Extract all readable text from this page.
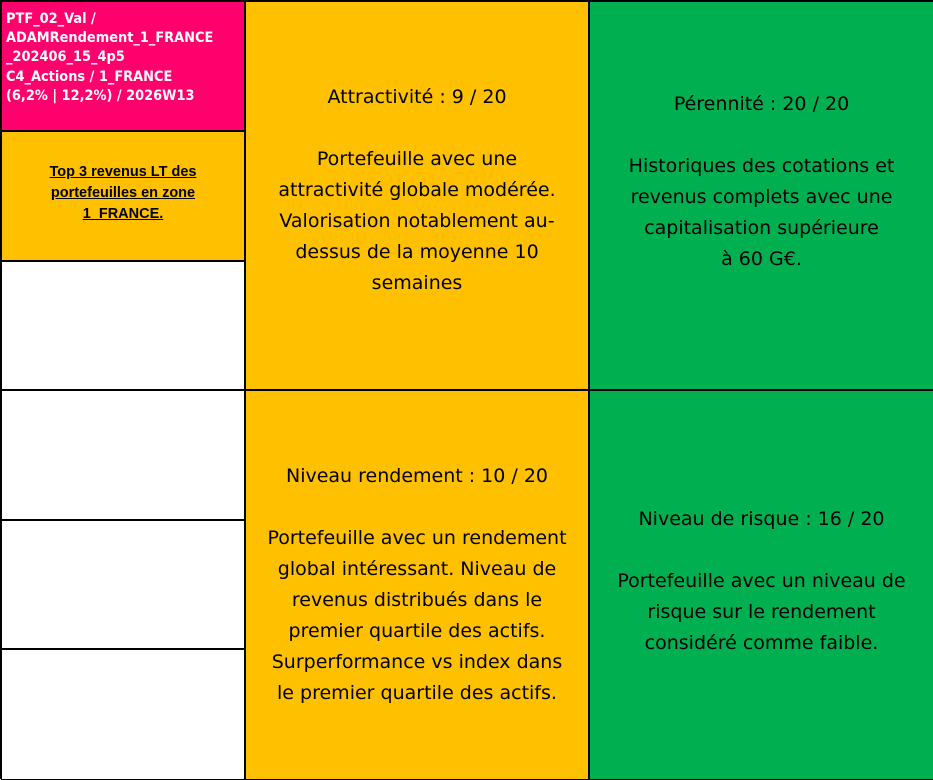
PTF_02_Val /
ADAMRendement_1_FRANCE
_202406_15_4p5
C4_Actions / 1_FRANCE
(6,2% | 12,2%) / 2026W13
Top 3 revenus LT des
portefeuilles en zone
1_FRANCE.
Attractivité : 9 / 20
Portefeuille avec une
attractivité globale modérée.
Valorisation notablement au-
dessus de la moyenne 10
semaines
Pérennité : 20 / 20
Historiques des cotations et
revenus complets avec une
capitalisation supérieure
à 60 G€.
Niveau rendement : 10 / 20
Portefeuille avec un rendement
global intéressant. Niveau de
revenus distribués dans le
premier quartile des actifs.
Surperformance vs index dans
le premier quartile des actifs.
Niveau de risque : 16 / 20
Portefeuille avec un niveau de
risque sur le rendement
considéré comme faible.
